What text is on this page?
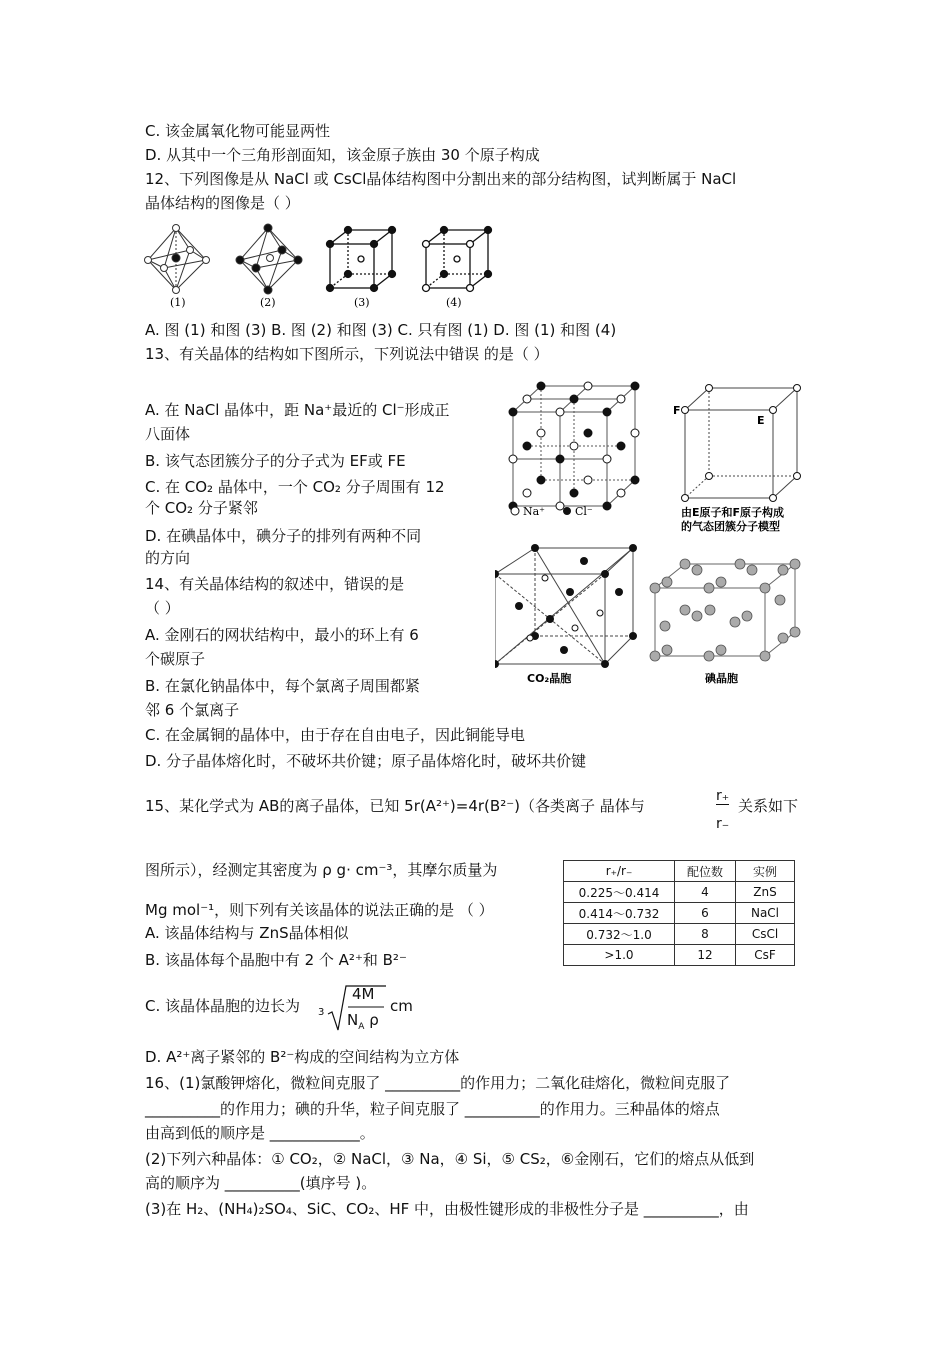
C. 该金属氧化物可能显两性
D. 从其中一个三角形剖面知，该金原子族由 30 个原子构成
12、下列图像是从 NaCl 或 CsCl晶体结构图中分割出来的部分结构图，试判断属于 NaCl
晶体结构的图像是（ ）
(1)	(2)	(3)	(4)
A. 图 (1) 和图 (3) B. 图 (2) 和图 (3) C. 只有图 (1) D. 图 (1) 和图 (4)
13、有关晶体的结构如下图所示，下列说法中错误 的是（ ）
A. 在 NaCl 晶体中，距 Na⁺最近的 Cl⁻形成正
八面体
B. 该气态团簇分子的分子式为 EF或 FE
C. 在 CO₂ 晶体中，一个 CO₂ 分子周围有 12
个 CO₂ 分子紧邻
D. 在碘晶体中，碘分子的排列有两种不同
的方向
Na⁺	Cl⁻
F
E
由E原子和F原子构成
的气态团簇分子模型
CO₂晶胞	碘晶胞
14、有关晶体结构的叙述中，错误的是
（ ）
A. 金刚石的网状结构中，最小的环上有 6
个碳原子
B. 在氯化钠晶体中，每个氯离子周围都紧
邻 6 个氯离子
C. 在金属铜的晶体中，由于存在自由电子，因此铜能导电
D. 分子晶体熔化时，不破坏共价键；原子晶体熔化时，破坏共价键
15、某化学式为 AB的离子晶体，已知 5r(A²⁺)=4r(B²⁻)（各类离子 晶体与
r₊
r₋
关系如下
图所示），经测定其密度为 ρ g· cm⁻³，其摩尔质量为
Mg mol⁻¹，则下列有关该晶体的说法正确的是 （ ）
A. 该晶体结构与 ZnS晶体相似
B. 该晶体每个晶胞中有 2 个 A²⁺和 B²⁻
C. 该晶体晶胞的边长为 3
4M
$N_A$ ρ
cm
D. A²⁺离子紧邻的 B²⁻构成的空间结构为立方体
r₊/r₋	配位数	实例
0.225～0.414	4	ZnS
0.414～0.732	6	NaCl
0.732～1.0	8	CsCl
>1.0	12	CsF
16、(1)氯酸钾熔化，微粒间克服了 __________的作用力；二氧化硅熔化，微粒间克服了
__________的作用力；碘的升华，粒子间克服了 __________的作用力。三种晶体的熔点
由高到低的顺序是 ____________。
(2)下列六种晶体：① CO₂，② NaCl，③ Na，④ Si，⑤ CS₂，⑥金刚石，它们的熔点从低到
高的顺序为 __________(填序号 )。
(3)在 H₂、(NH₄)₂SO₄、SiC、CO₂、HF 中，由极性键形成的非极性分子是 __________，由
